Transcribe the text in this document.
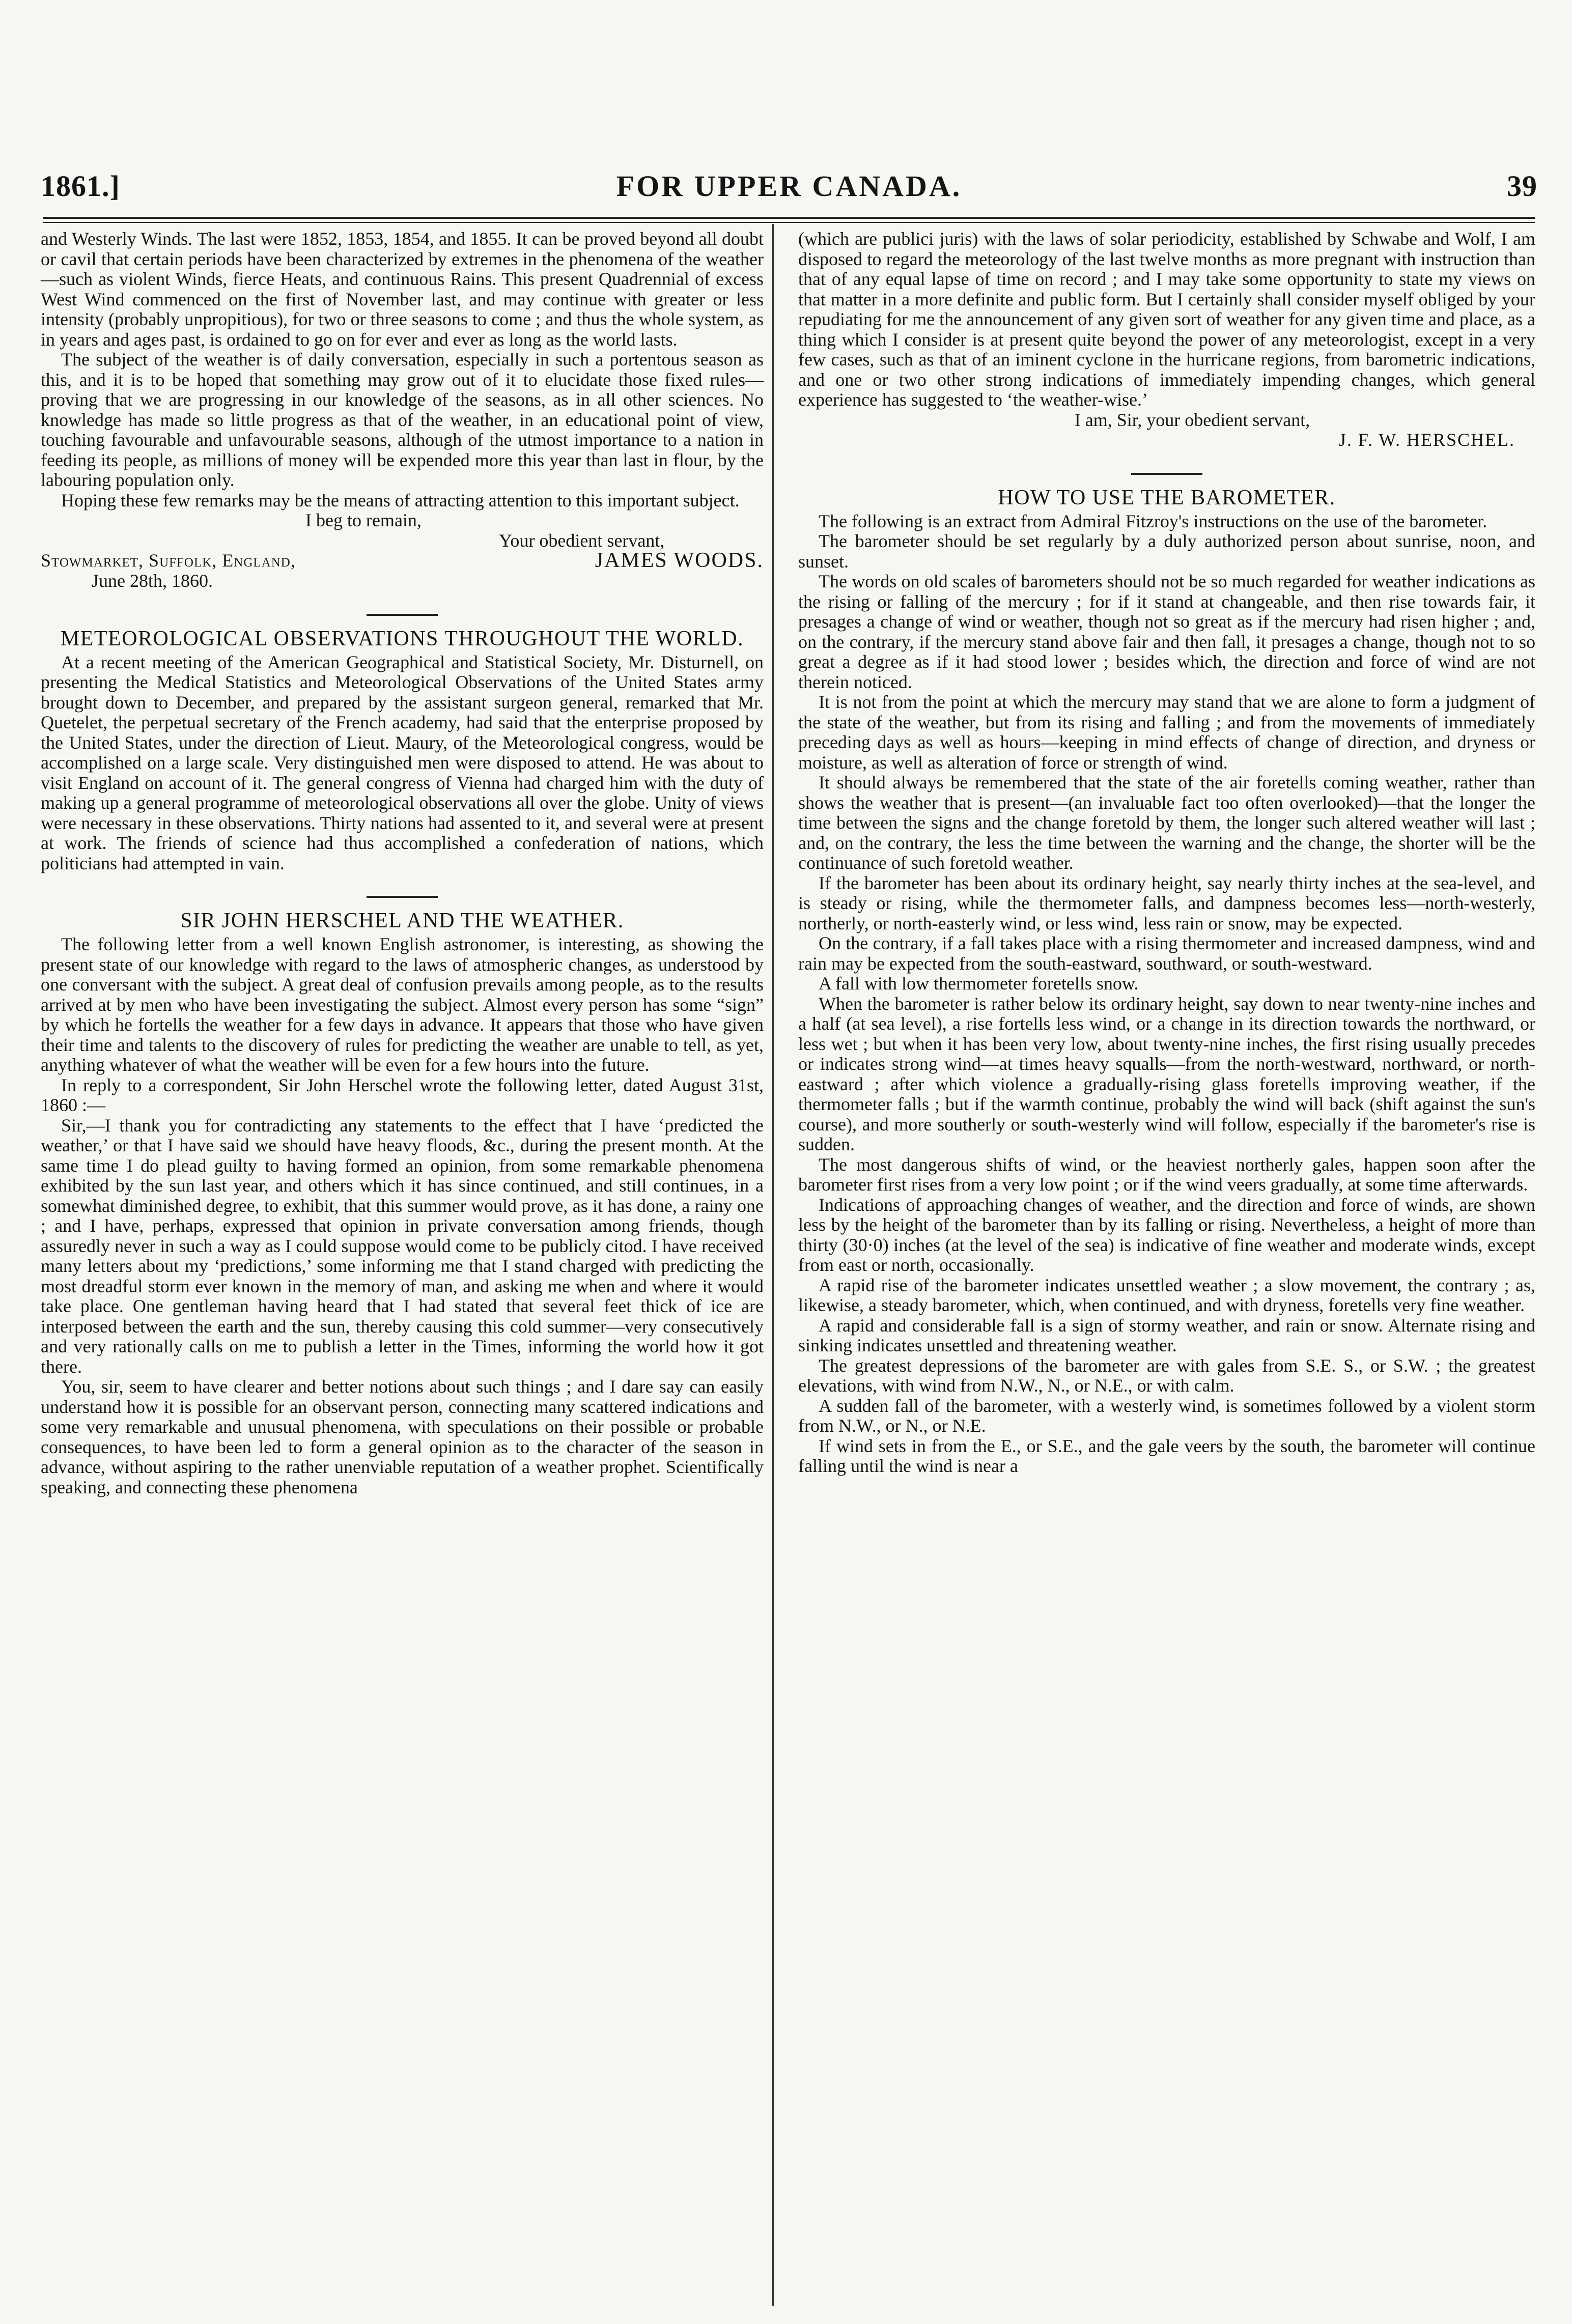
FOR UPPER CANADA.
1861.]	39

and Westerly Winds. The last were 1852, 1853, 1854, and 1855. It can be proved beyond all doubt or cavil that certain periods have been characterized by extremes in the phenomena of the weather—such as violent Winds, fierce Heats, and continuous Rains. This present Quadrennial of excess West Wind commenced on the first of November last, and may continue with greater or less intensity (probably unpropitious), for two or three seasons to come ; and thus the whole system, as in years and ages past, is ordained to go on for ever and ever as long as the world lasts.

The subject of the weather is of daily conversation, especially in such a portentous season as this, and it is to be hoped that something may grow out of it to elucidate those fixed rules—proving that we are progressing in our knowledge of the seasons, as in all other sciences. No knowledge has made so little progress as that of the weather, in an educational point of view, touching favourable and unfavourable seasons, although of the utmost importance to a nation in feeding its people, as millions of money will be expended more this year than last in flour, by the labouring population only.

Hoping these few remarks may be the means of attracting attention to this important subject.

I beg to remain,

Your obedient servant,

Stowmarket, Suffolk, England,	JAMES WOODS.

June 28th, 1860.

METEOROLOGICAL OBSERVATIONS THROUGHOUT THE WORLD.

At a recent meeting of the American Geographical and Statistical Society, Mr. Disturnell, on presenting the Medical Statistics and Meteorological Observations of the United States army brought down to December, and prepared by the assistant surgeon general, remarked that Mr. Quetelet, the perpetual secretary of the French academy, had said that the enterprise proposed by the United States, under the direction of Lieut. Maury, of the Meteorological congress, would be accomplished on a large scale. Very distinguished men were disposed to attend. He was about to visit England on account of it. The general congress of Vienna had charged him with the duty of making up a general programme of meteorological observations all over the globe. Unity of views were necessary in these observations. Thirty nations had assented to it, and several were at present at work. The friends of science had thus accomplished a confederation of nations, which politicians had attempted in vain.

SIR JOHN HERSCHEL AND THE WEATHER.

The following letter from a well known English astronomer, is interesting, as showing the present state of our knowledge with regard to the laws of atmospheric changes, as understood by one conversant with the subject. A great deal of confusion prevails among people, as to the results arrived at by men who have been investigating the subject. Almost every person has some “sign” by which he fortells the weather for a few days in advance. It appears that those who have given their time and talents to the discovery of rules for predicting the weather are unable to tell, as yet, anything whatever of what the weather will be even for a few hours into the future.

In reply to a correspondent, Sir John Herschel wrote the following letter, dated August 31st, 1860 :—

Sir,—I thank you for contradicting any statements to the effect that I have ‘predicted the weather,’ or that I have said we should have heavy floods, &c., during the present month. At the same time I do plead guilty to having formed an opinion, from some remarkable phenomena exhibited by the sun last year, and others which it has since continued, and still continues, in a somewhat diminished degree, to exhibit, that this summer would prove, as it has done, a rainy one ; and I have, perhaps, expressed that opinion in private conversation among friends, though assuredly never in such a way as I could suppose would come to be publicly citod. I have received many letters about my ‘predictions,’ some informing me that I stand charged with predicting the most dreadful storm ever known in the memory of man, and asking me when and where it would take place. One gentleman having heard that I had stated that several feet thick of ice are interposed between the earth and the sun, thereby causing this cold summer—very consecutively and very rationally calls on me to publish a letter in the Times, informing the world how it got there.

You, sir, seem to have clearer and better notions about such things ; and I dare say can easily understand how it is possible for an observant person, connecting many scattered indications and some very remarkable and unusual phenomena, with speculations on their possible or probable consequences, to have been led to form a general opinion as to the character of the season in advance, without aspiring to the rather unenviable reputation of a weather prophet. Scientifically speaking, and connecting these phenomena

(which are publici juris) with the laws of solar periodicity, established by Schwabe and Wolf, I am disposed to regard the meteorology of the last twelve months as more pregnant with instruction than that of any equal lapse of time on record ; and I may take some opportunity to state my views on that matter in a more definite and public form. But I certainly shall consider myself obliged by your repudiating for me the announcement of any given sort of weather for any given time and place, as a thing which I consider is at present quite beyond the power of any meteorologist, except in a very few cases, such as that of an iminent cyclone in the hurricane regions, from barometric indications, and one or two other strong indications of immediately impending changes, which general experience has suggested to ‘the weather-wise.’

I am, Sir, your obedient servant,

J. F. W. HERSCHEL.

HOW TO USE THE BAROMETER.

The following is an extract from Admiral Fitzroy's instructions on the use of the barometer.

The barometer should be set regularly by a duly authorized person about sunrise, noon, and sunset.

The words on old scales of barometers should not be so much regarded for weather indications as the rising or falling of the mercury ; for if it stand at changeable, and then rise towards fair, it presages a change of wind or weather, though not so great as if the mercury had risen higher ; and, on the contrary, if the mercury stand above fair and then fall, it presages a change, though not to so great a degree as if it had stood lower ; besides which, the direction and force of wind are not therein noticed.

It is not from the point at which the mercury may stand that we are alone to form a judgment of the state of the weather, but from its rising and falling ; and from the movements of immediately preceding days as well as hours—keeping in mind effects of change of direction, and dryness or moisture, as well as alteration of force or strength of wind.

It should always be remembered that the state of the air foretells coming weather, rather than shows the weather that is present—(an invaluable fact too often overlooked)—that the longer the time between the signs and the change foretold by them, the longer such altered weather will last ; and, on the contrary, the less the time between the warning and the change, the shorter will be the continuance of such foretold weather.

If the barometer has been about its ordinary height, say nearly thirty inches at the sea-level, and is steady or rising, while the thermometer falls, and dampness becomes less—north-westerly, northerly, or north-easterly wind, or less wind, less rain or snow, may be expected.

On the contrary, if a fall takes place with a rising thermometer and increased dampness, wind and rain may be expected from the south-eastward, southward, or south-westward.

A fall with low thermometer foretells snow.

When the barometer is rather below its ordinary height, say down to near twenty-nine inches and a half (at sea level), a rise fortells less wind, or a change in its direction towards the northward, or less wet ; but when it has been very low, about twenty-nine inches, the first rising usually precedes or indicates strong wind—at times heavy squalls—from the north-westward, northward, or north-eastward ; after which violence a gradually-rising glass foretells improving weather, if the thermometer falls ; but if the warmth continue, probably the wind will back (shift against the sun's course), and more southerly or south-westerly wind will follow, especially if the barometer's rise is sudden.

The most dangerous shifts of wind, or the heaviest northerly gales, happen soon after the barometer first rises from a very low point ; or if the wind veers gradually, at some time afterwards.

Indications of approaching changes of weather, and the direction and force of winds, are shown less by the height of the barometer than by its falling or rising. Nevertheless, a height of more than thirty (30·0) inches (at the level of the sea) is indicative of fine weather and moderate winds, except from east or north, occasionally.

A rapid rise of the barometer indicates unsettled weather ; a slow movement, the contrary ; as, likewise, a steady barometer, which, when continued, and with dryness, foretells very fine weather.

A rapid and considerable fall is a sign of stormy weather, and rain or snow. Alternate rising and sinking indicates unsettled and threatening weather.

The greatest depressions of the barometer are with gales from S.E. S., or S.W. ; the greatest elevations, with wind from N.W., N., or N.E., or with calm.

A sudden fall of the barometer, with a westerly wind, is sometimes followed by a violent storm from N.W., or N., or N.E.

If wind sets in from the E., or S.E., and the gale veers by the south, the barometer will continue falling until the wind is near a
